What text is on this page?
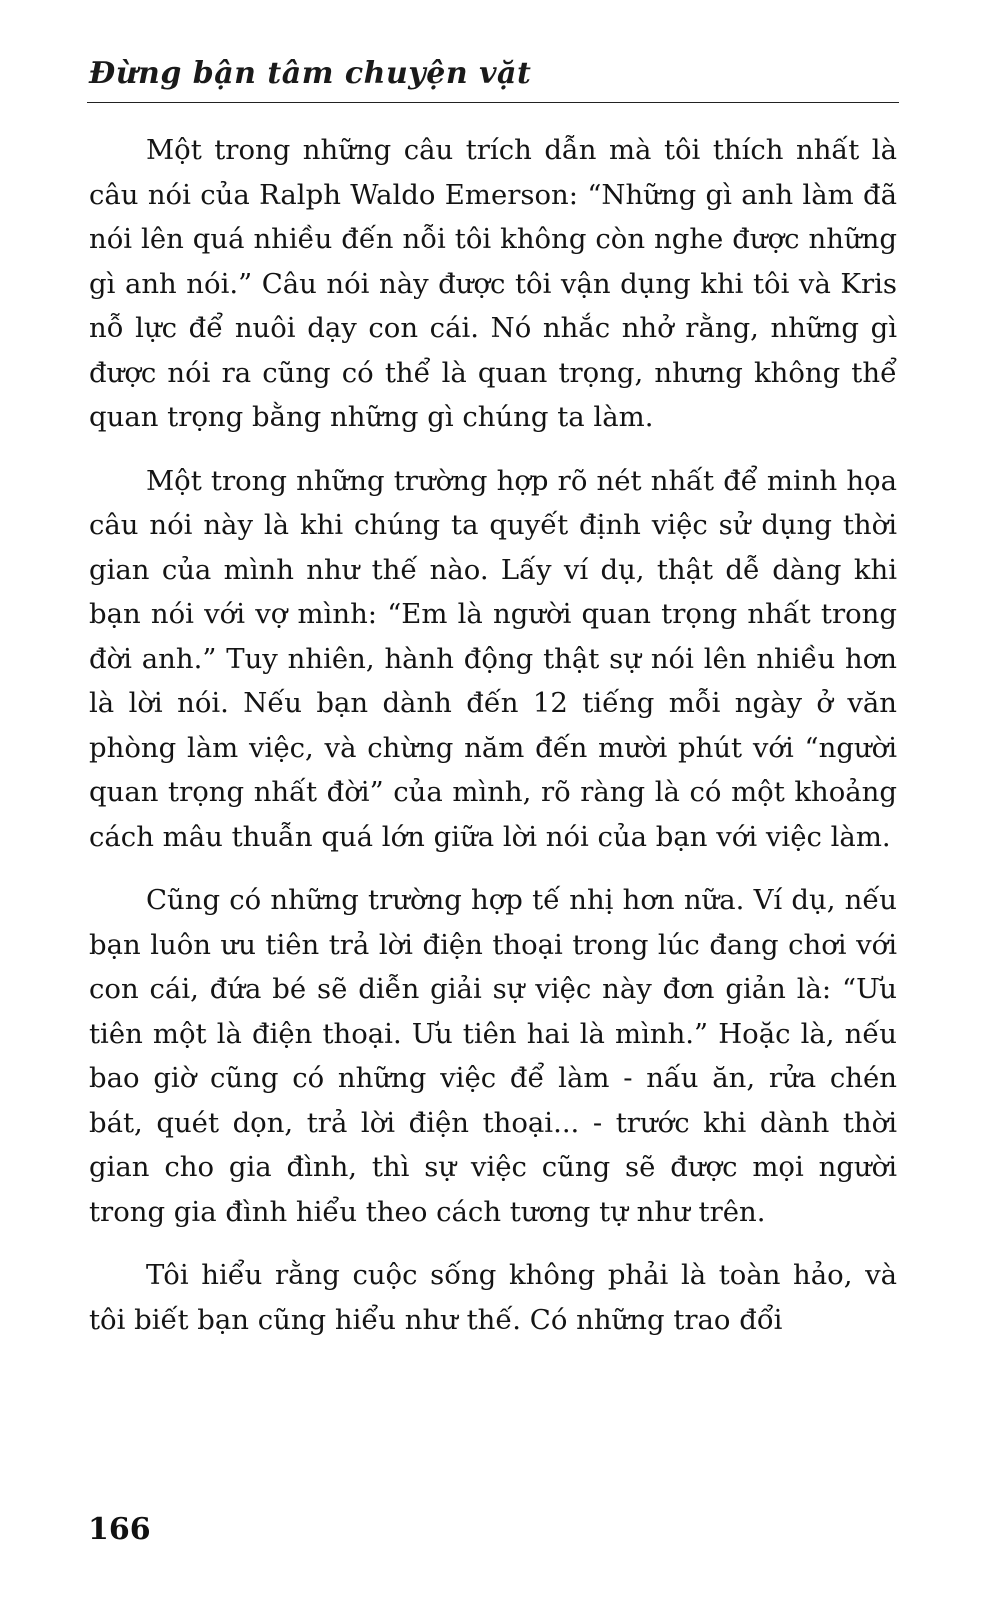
Đừng bận tâm chuyện vặt

Một trong những câu trích dẫn mà tôi thích nhất là câu nói của Ralph Waldo Emerson: “Những gì anh làm đã nói lên quá nhiều đến nỗi tôi không còn nghe được những gì anh nói.” Câu nói này được tôi vận dụng khi tôi và Kris nỗ lực để nuôi dạy con cái. Nó nhắc nhở rằng, những gì được nói ra cũng có thể là quan trọng, nhưng không thể quan trọng bằng những gì chúng ta làm.

Một trong những trường hợp rõ nét nhất để minh họa câu nói này là khi chúng ta quyết định việc sử dụng thời gian của mình như thế nào. Lấy ví dụ, thật dễ dàng khi bạn nói với vợ mình: “Em là người quan trọng nhất trong đời anh.” Tuy nhiên, hành động thật sự nói lên nhiều hơn là lời nói. Nếu bạn dành đến 12 tiếng mỗi ngày ở văn phòng làm việc, và chừng năm đến mười phút với “người quan trọng nhất đời” của mình, rõ ràng là có một khoảng cách mâu thuẫn quá lớn giữa lời nói của bạn với việc làm.

Cũng có những trường hợp tế nhị hơn nữa. Ví dụ, nếu bạn luôn ưu tiên trả lời điện thoại trong lúc đang chơi với con cái, đứa bé sẽ diễn giải sự việc này đơn giản là: “Ưu tiên một là điện thoại. Ưu tiên hai là mình.” Hoặc là, nếu bao giờ cũng có những việc để làm - nấu ăn, rửa chén bát, quét dọn, trả lời điện thoại... - trước khi dành thời gian cho gia đình, thì sự việc cũng sẽ được mọi người trong gia đình hiểu theo cách tương tự như trên.

Tôi hiểu rằng cuộc sống không phải là toàn hảo, và tôi biết bạn cũng hiểu như thế. Có những trao đổi

166
